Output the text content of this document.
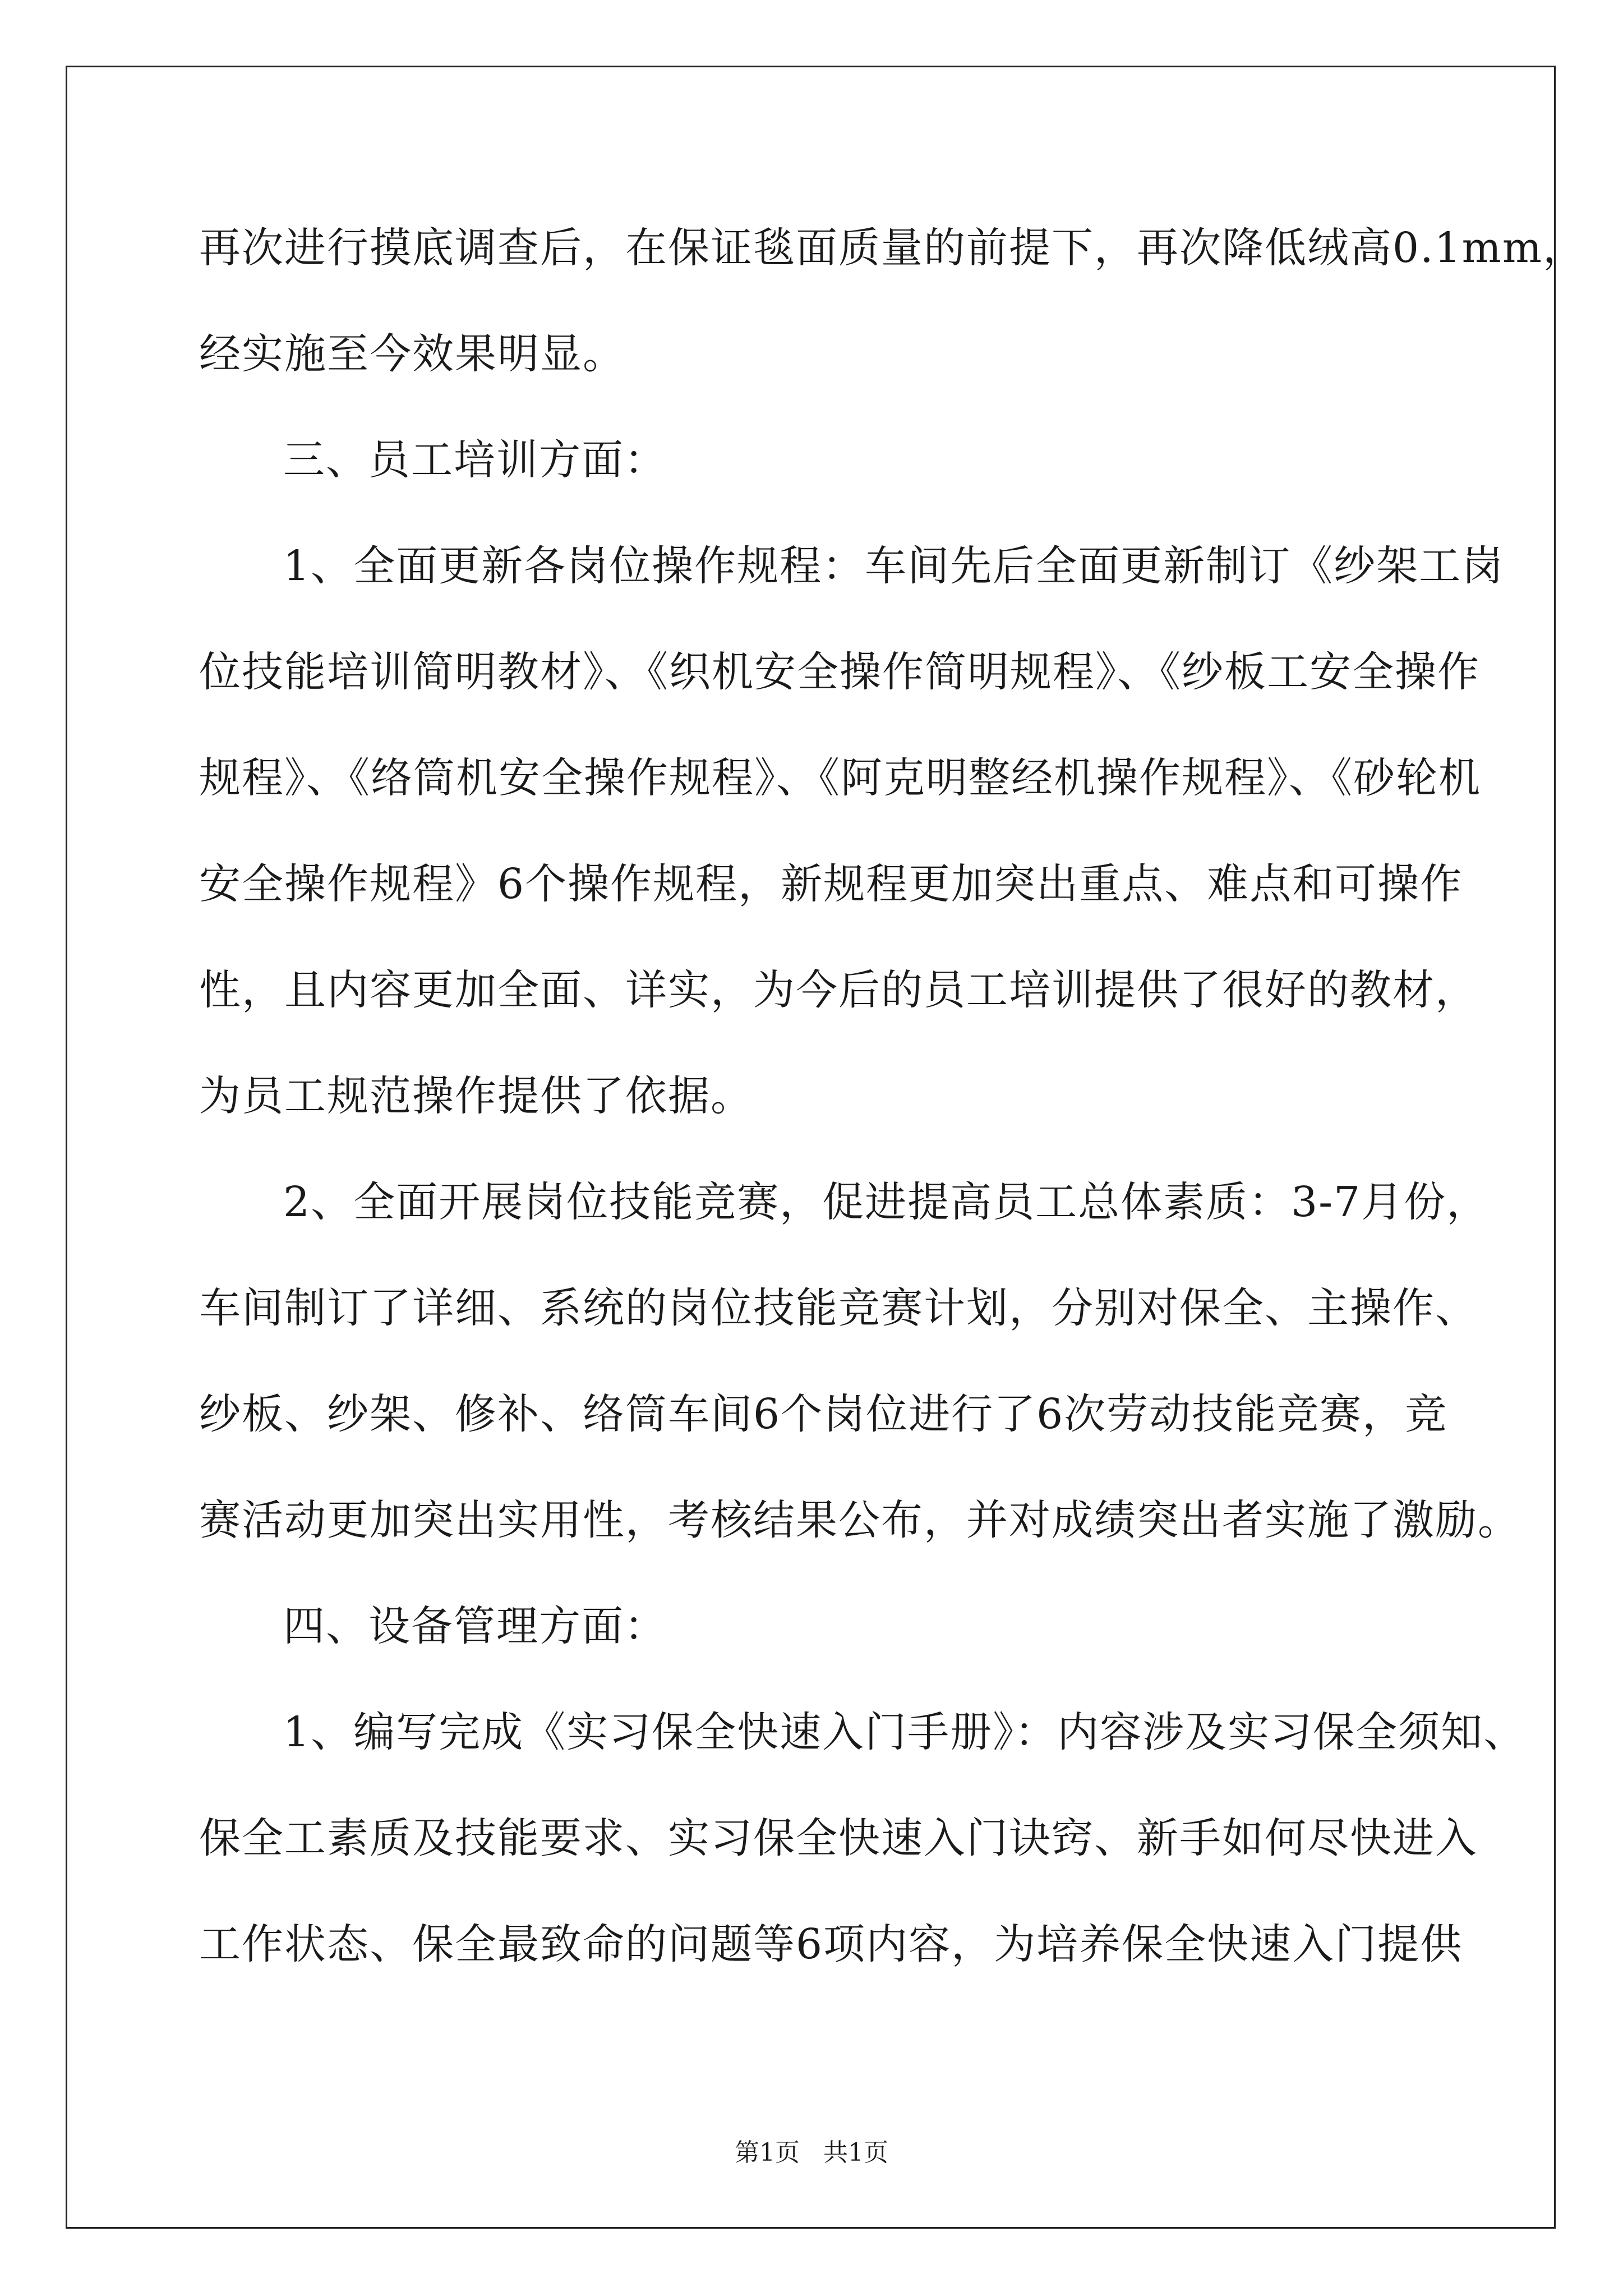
再次进行摸底调查后，在保证毯面质量的前提下，再次降低绒高0.1mm，
经实施至今效果明显。
三、员工培训方面：
1、全面更新各岗位操作规程：车间先后全面更新制订《纱架工岗
位技能培训简明教材》、《织机安全操作简明规程》、《纱板工安全操作
规程》、《络筒机安全操作规程》、《阿克明整经机操作规程》、《砂轮机
安全操作规程》6个操作规程，新规程更加突出重点、难点和可操作
性，且内容更加全面、详实，为今后的员工培训提供了很好的教材，
为员工规范操作提供了依据。
2、全面开展岗位技能竞赛，促进提高员工总体素质：3-7月份，
车间制订了详细、系统的岗位技能竞赛计划，分别对保全、主操作、
纱板、纱架、修补、络筒车间6个岗位进行了6次劳动技能竞赛，竞
赛活动更加突出实用性，考核结果公布，并对成绩突出者实施了激励。
四、设备管理方面：
1、编写完成《实习保全快速入门手册》：内容涉及实习保全须知、
保全工素质及技能要求、实习保全快速入门诀窍、新手如何尽快进入
工作状态、保全最致命的问题等6项内容，为培养保全快速入门提供
第1页   共1页
